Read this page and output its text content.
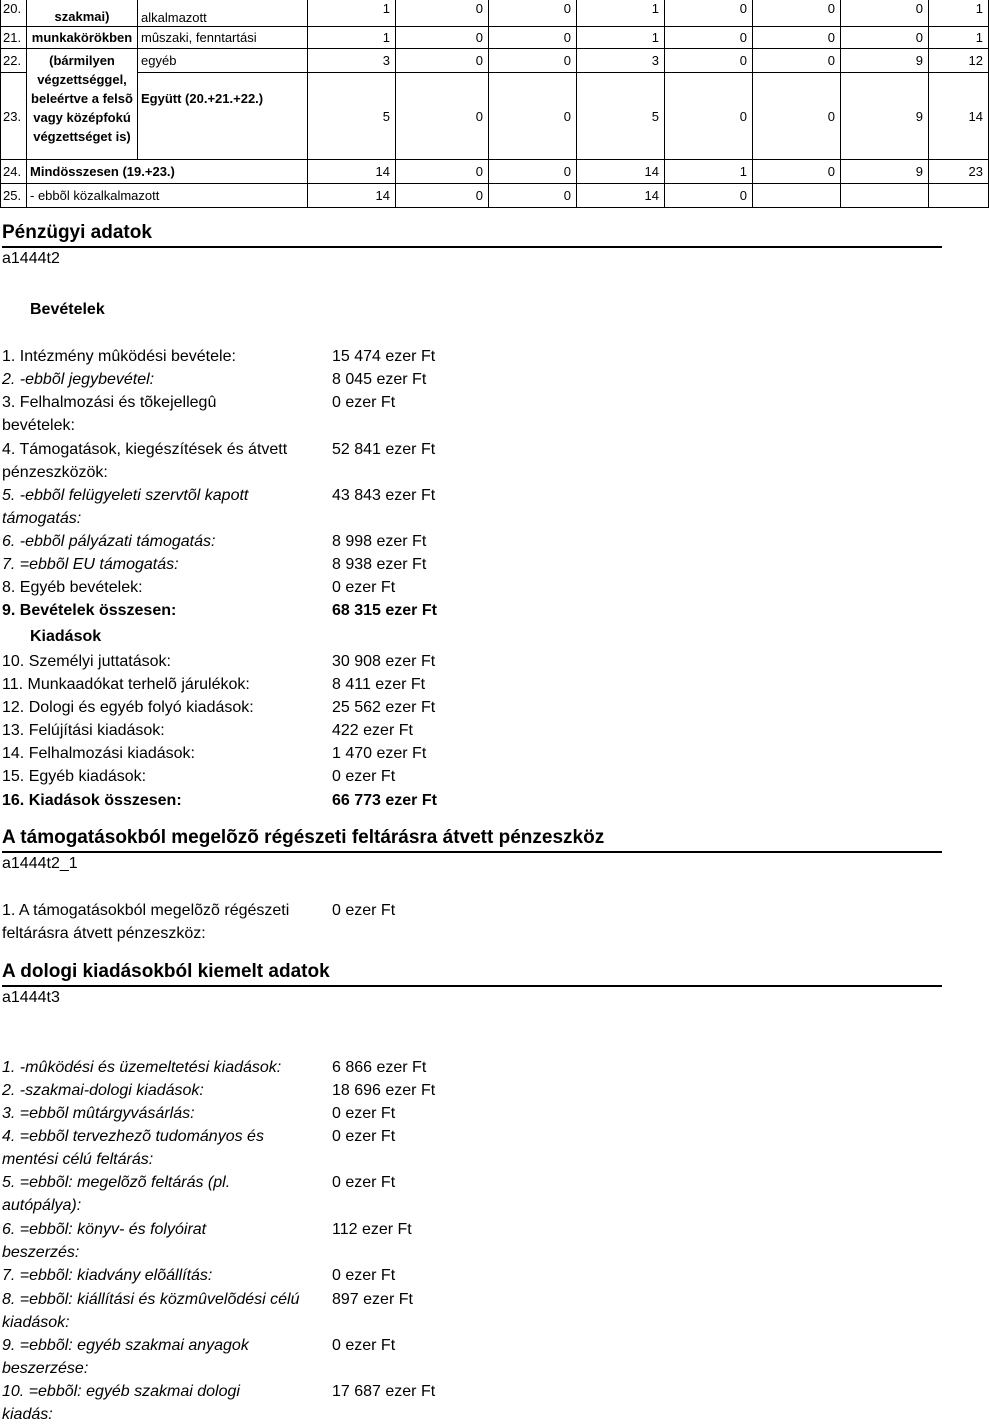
20.	szakmai)	alkalmazott	1	0	0	1	0	0	0	1	
21.	munkakörökben	mûszaki, fenntartási	1	0	0	1	0	0	0	1	
22.	(bármilyen végzettséggel, beleértve a felsõ vagy középfokú végzettséget is)	egyéb	3	0	0	3	0	0	9	12	
23.		Együtt (20.+21.+22.)	5	0	0	5	0	0	9	14	
24.	Mindösszesen (19.+23.)		14	0	0	14	1	0	9	23	
25.	- ebbõl közalkalmazott		14	0	0	14	0				
Pénzügyi adatok
a1444t2
Bevételek
1. Intézmény mûködési bevétele:	15 474 ezer Ft
2. -ebbõl jegybevétel:	8 045 ezer Ft
3. Felhalmozási és tõkejellegû bevételek:
0 ezer Ft
4. Támogatások, kiegészítések és átvett pénzeszközök:
52 841 ezer Ft
5. -ebbõl felügyeleti szervtõl kapott támogatás:
43 843 ezer Ft
6. -ebbõl pályázati támogatás:	8 998 ezer Ft
7. =ebbõl EU támogatás:	8 938 ezer Ft
8. Egyéb bevételek:	0 ezer Ft
9. Bevételek összesen:	68 315 ezer Ft
Kiadások
10. Személyi juttatások:	30 908 ezer Ft
11. Munkaadókat terhelõ járulékok:	8 411 ezer Ft
12. Dologi és egyéb folyó kiadások:	25 562 ezer Ft
13. Felújítási kiadások:	422 ezer Ft
14. Felhalmozási kiadások:	1 470 ezer Ft
15. Egyéb kiadások:	0 ezer Ft
16. Kiadások összesen:	66 773 ezer Ft
A támogatásokból megelõzõ régészeti feltárásra átvett pénzeszköz
a1444t2_1
1. A támogatásokból megelõzõ régészeti feltárásra átvett pénzeszköz:
0 ezer Ft
A dologi kiadásokból kiemelt adatok
a1444t3
1. -mûködési és üzemeltetési kiadások:	6 866 ezer Ft
2. -szakmai-dologi kiadások:	18 696 ezer Ft
3. =ebbõl mûtárgyvásárlás:	0 ezer Ft
4. =ebbõl tervezhezõ tudományos és mentési célú feltárás:
0 ezer Ft
5. =ebbõl: megelõzõ feltárás (pl. autópálya):
0 ezer Ft
6. =ebbõl: könyv- és folyóirat beszerzés:
112 ezer Ft
7. =ebbõl: kiadvány elõállítás:	0 ezer Ft
8. =ebbõl: kiállítási és közmûvelõdési célú kiadások:
897 ezer Ft
9. =ebbõl: egyéb szakmai anyagok beszerzése:
0 ezer Ft
10. =ebbõl: egyéb szakmai dologi kiadás:
17 687 ezer Ft
